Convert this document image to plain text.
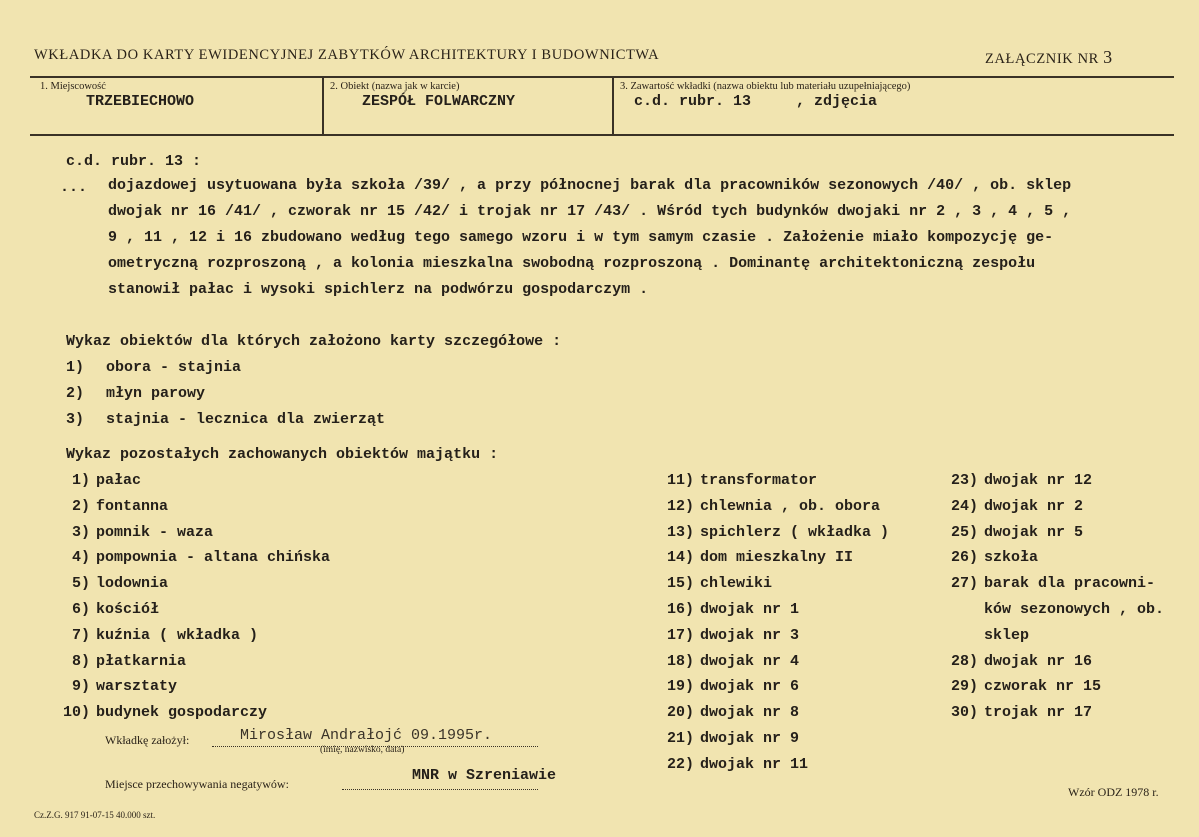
WKŁADKA DO KARTY EWIDENCYJNEJ ZABYTKÓW ARCHITEKTURY I BUDOWNICTWA	ZAŁĄCZNIK NR 3
1. Miejscowość
TRZEBIECHOWO
2. Obiekt (nazwa jak w karcie)
ZESPÓŁ FOLWARCZNY
3. Zawartość wkładki (nazwa obiektu lub materiału uzupełniającego)
c.d. rubr. 13     , zdjęcia
c.d. rubr. 13 :
... dojazdowej usytuowana była szkoła /39/ , a przy północnej barak dla pracowników sezonowych /40/ , ob. sklep
dwojak nr 16 /41/ , czworak nr 15 /42/ i trojak nr 17 /43/ . Wśród tych budynków dwojaki nr 2 , 3 , 4 , 5 ,
9 , 11 , 12 i 16 zbudowano według tego samego wzoru i w tym samym czasie . Założenie miało kompozycję ge-
ometryczną rozproszoną , a kolonia mieszkalna swobodną rozproszoną . Dominantę architektoniczną zespołu
stanowił pałac i wysoki spichlerz na podwórzu gospodarczym .
Wykaz obiektów dla których założono karty szczegółowe :
1) obora - stajnia
2) młyn parowy
3) stajnia - lecznica dla zwierząt
Wykaz pozostałych zachowanych obiektów majątku :
1) pałac
2) fontanna
3) pomnik - waza
4) pompownia - altana chińska
5) lodownia
6) kościół
7) kuźnia ( wkładka )
8) płatkarnia
9) warsztaty
10) budynek gospodarczy
11) transformator
12) chlewnia , ob. obora
13) spichlerz ( wkładka )
14) dom mieszkalny II
15) chlewiki
16) dwojak nr 1
17) dwojak nr 3
18) dwojak nr 4
19) dwojak nr 6
20) dwojak nr 8
21) dwojak nr 9
22) dwojak nr 11
23) dwojak nr 12
24) dwojak nr 2
25) dwojak nr 5
26) szkoła
27) barak dla pracowni-
ków sezonowych , ob.
sklep
28) dwojak nr 16
29) czworak nr 15
30) trojak nr 17
Wkładkę założył:	Mirosław Andrałojć 09.1995r.
(imię, nazwisko, data)
Miejsce przechowywania negatywów:	MNR w Szreniawie
Cz.Z.G. 917 91-07-15 40.000 szt.
Wzór ODZ 1978 r.
